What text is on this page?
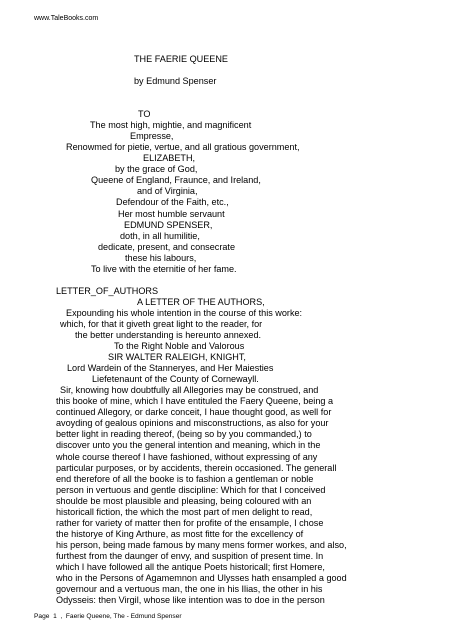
www.TaleBooks.com
THE FAERIE QUEENE
by Edmund Spenser
TO
The most high, mightie, and magnificent
Empresse,
Renowmed for pietie, vertue, and all gratious government,
ELIZABETH,
by the grace of God,
Queene of England, Fraunce, and Ireland,
and of Virginia,
Defendour of the Faith, etc.,
Her most humble servaunt
EDMUND SPENSER,
doth, in all humilitie,
dedicate, present, and consecrate
these his labours,
To live with the eternitie of her fame.
LETTER_OF_AUTHORS
A LETTER OF THE AUTHORS,
Expounding his whole intention in the course of this worke:
which, for that it giveth great light to the reader, for
the better understanding is hereunto annexed.
To the Right Noble and Valorous
SIR WALTER RALEIGH, KNIGHT,
Lord Wardein of the Stanneryes, and Her Maiesties
Liefetenaunt of the County of Cornewayll.
Sir, knowing how doubtfully all Allegories may be construed, and
this booke of mine, which I have entituled the Faery Queene, being a
continued Allegory, or darke conceit, I haue thought good, as well for
avoyding of gealous opinions and misconstructions, as also for your
better light in reading thereof, (being so by you commanded,) to
discover unto you the general intention and meaning, which in the
whole course thereof I have fashioned, without expressing of any
particular purposes, or by accidents, therein occasioned. The generall
end therefore of all the booke is to fashion a gentleman or noble
person in vertuous and gentle discipline: Which for that I conceived
shoulde be most plausible and pleasing, being coloured with an
historicall fiction, the which the most part of men delight to read,
rather for variety of matter then for profite of the ensample, I chose
the historye of King Arthure, as most fitte for the excellency of
his person, being made famous by many mens former workes, and also,
furthest from the daunger of envy, and suspition of present time. In
which I have followed all the antique Poets historicall; first Homere,
who in the Persons of Agamemnon and Ulysses hath ensampled a good
governour and a vertuous man, the one in his Ilias, the other in his
Odysseis: then Virgil, whose like intention was to doe in the person
Page  1  ,  Faerie Queene, The - Edmund Spenser
